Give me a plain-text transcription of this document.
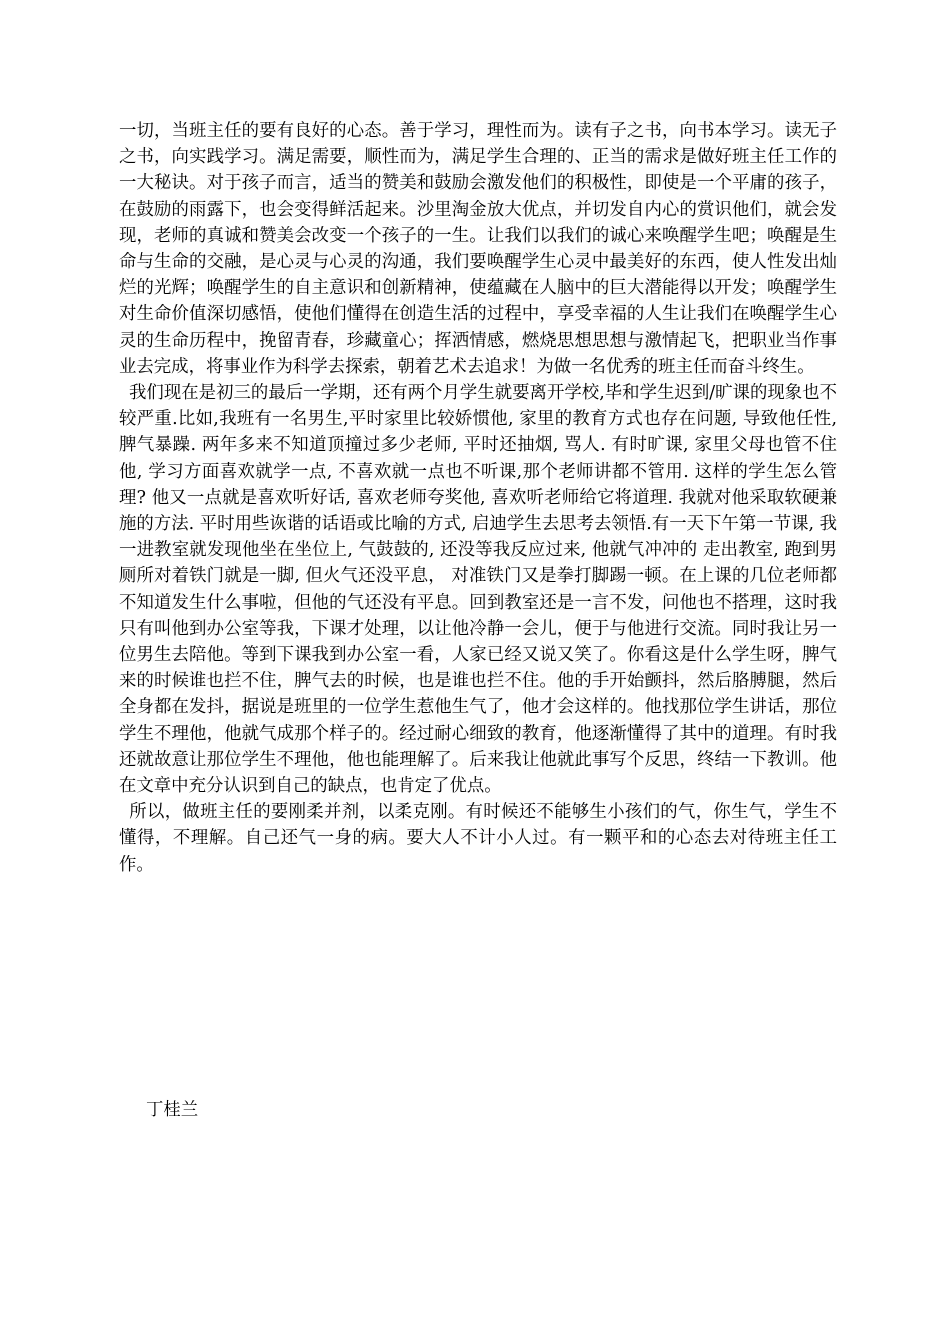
一切，当班主任的要有良好的心态。善于学习，理性而为。读有子之书，向书本学习。读无子之书，向实践学习。满足需要，顺性而为，满足学生合理的、正当的需求是做好班主任工作的一大秘诀。对于孩子而言，适当的赞美和鼓励会激发他们的积极性，即使是一个平庸的孩子，在鼓励的雨露下，也会变得鲜活起来。沙里淘金放大优点，并切发自内心的赏识他们，就会发现，老师的真诚和赞美会改变一个孩子的一生。让我们以我们的诚心来唤醒学生吧；唤醒是生命与生命的交融，是心灵与心灵的沟通，我们要唤醒学生心灵中最美好的东西，使人性发出灿烂的光辉；唤醒学生的自主意识和创新精神，使蕴藏在人脑中的巨大潜能得以开发；唤醒学生对生命价值深切感悟，使他们懂得在创造生活的过程中，享受幸福的人生让我们在唤醒学生心灵的生命历程中，挽留青春，珍藏童心；挥洒情感，燃烧思想思想与激情起飞，把职业当作事业去完成，将事业作为科学去探索，朝着艺术去追求！为做一名优秀的班主任而奋斗终生。

我们现在是初三的最后一学期，还有两个月学生就要离开学校,毕和学生迟到/旷课的现象也不较严重.比如,我班有一名男生,平时家里比较娇惯他, 家里的教育方式也存在问题, 导致他任性, 脾气暴躁. 两年多来不知道顶撞过多少老师, 平时还抽烟, 骂人. 有时旷课, 家里父母也管不住他, 学习方面喜欢就学一点, 不喜欢就一点也不听课,那个老师讲都不管用. 这样的学生怎么管理? 他又一点就是喜欢听好话, 喜欢老师夸奖他, 喜欢听老师给它将道理. 我就对他采取软硬兼施的方法. 平时用些诙谐的话语或比喻的方式, 启迪学生去思考去领悟.有一天下午第一节课, 我一进教室就发现他坐在坐位上, 气鼓鼓的, 还没等我反应过来, 他就气冲冲的 走出教室, 跑到男厕所对着铁门就是一脚, 但火气还没平息， 对准铁门又是拳打脚踢一顿。在上课的几位老师都不知道发生什么事啦，但他的气还没有平息。回到教室还是一言不发，问他也不搭理，这时我只有叫他到办公室等我，下课才处理，以让他冷静一会儿，便于与他进行交流。同时我让另一位男生去陪他。等到下课我到办公室一看，人家已经又说又笑了。你看这是什么学生呀，脾气来的时候谁也拦不住，脾气去的时候，也是谁也拦不住。他的手开始颤抖，然后胳膊腿，然后全身都在发抖，据说是班里的一位学生惹他生气了，他才会这样的。他找那位学生讲话，那位学生不理他，他就气成那个样子的。经过耐心细致的教育，他逐渐懂得了其中的道理。有时我还就故意让那位学生不理他，他也能理解了。后来我让他就此事写个反思，终结一下教训。他在文章中充分认识到自己的缺点，也肯定了优点。

所以，做班主任的要刚柔并剂，以柔克刚。有时候还不能够生小孩们的气，你生气，学生不懂得，不理解。自己还气一身的病。要大人不计小人过。有一颗平和的心态去对待班主任工作。

丁桂兰
